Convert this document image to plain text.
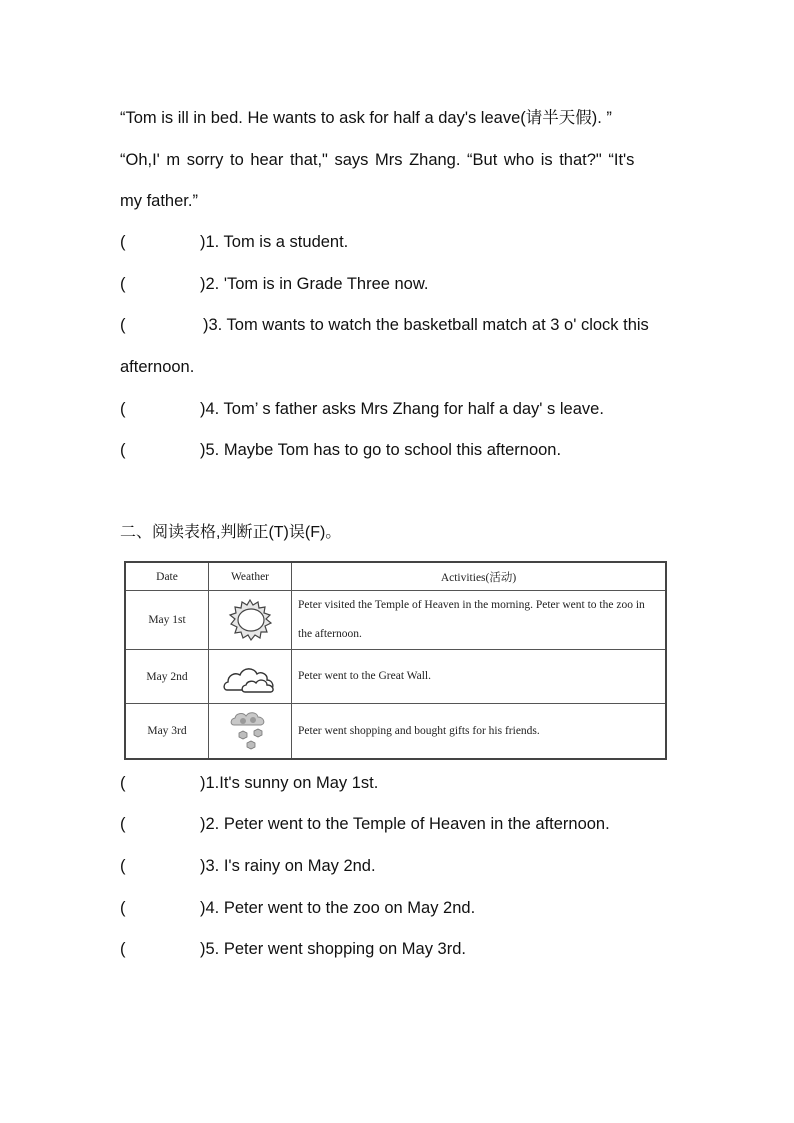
“Tom is ill in bed. He wants to ask for half a day's leave(请半天假). ”
“Oh,I' m sorry to hear that," says Mrs Zhang. “But who is that?" “It's
my father.”
(	)1. Tom is a student.
(	)2. 'Tom is in Grade Three now.
(	)3. Tom wants to watch the basketball match at 3 o' clock this
afternoon.
(	)4. Tom’ s father asks Mrs Zhang for half a day' s leave.
(	)5. Maybe Tom has to go to school this afternoon.
二、阅读表格,判断正(T)误(F)。
Date	Weather	Activities(活动)
May 1st		Peter visited the Temple of Heaven in the morning. Peter went to the zoo in the afternoon.
May 2nd		Peter went to the Great Wall.
May 3rd		Peter went shopping and bought gifts for his friends.
(	)1.It's sunny on May 1st.
(	)2. Peter went to the Temple of Heaven in the afternoon.
(	)3. I's rainy on May 2nd.
(	)4. Peter went to the zoo on May 2nd.
(	)5. Peter went shopping on May 3rd.
